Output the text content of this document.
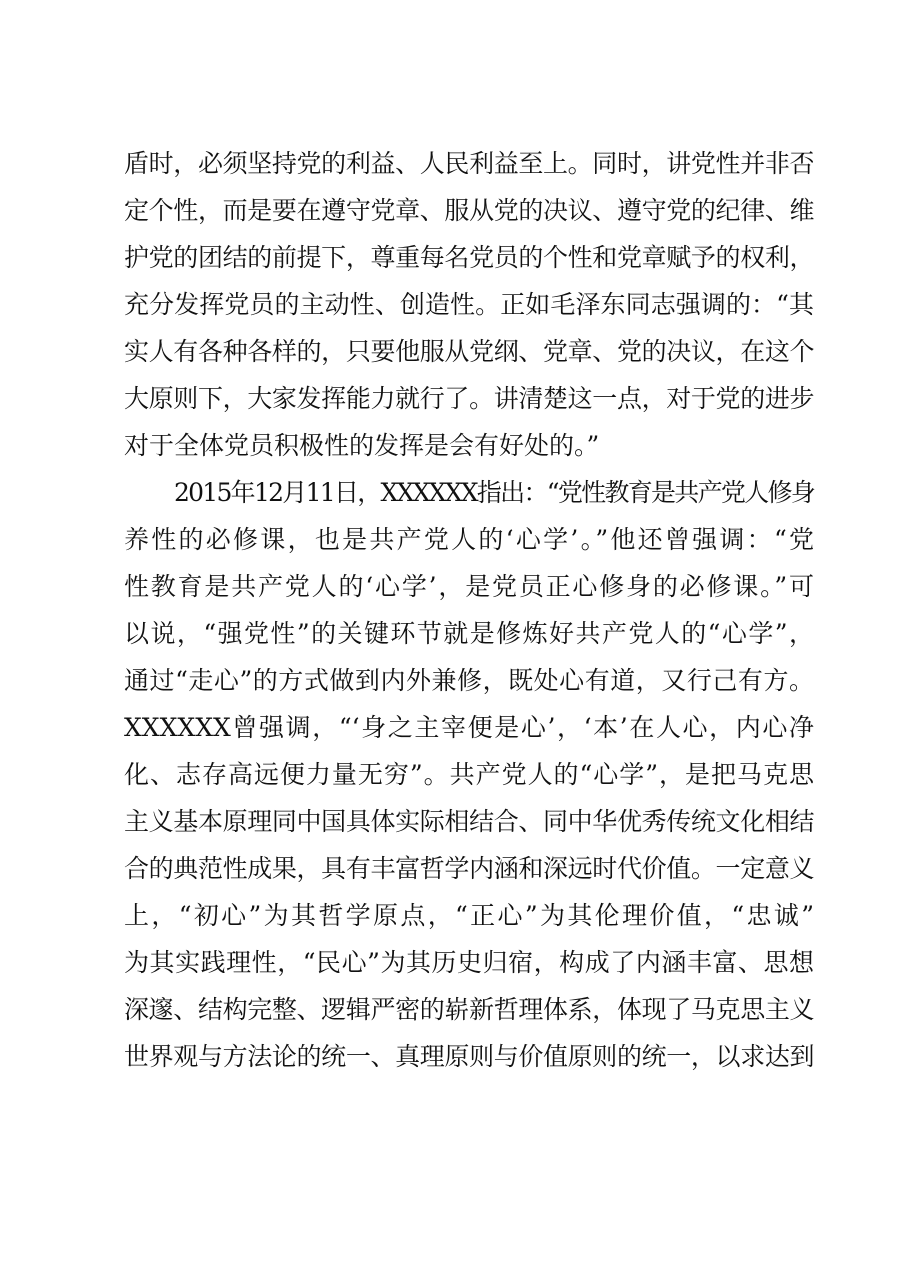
盾时，必须坚持党的利益、人民利益至上。同时，讲党性并非否
定个性，而是要在遵守党章、服从党的决议、遵守党的纪律、维
护党的团结的前提下，尊重每名党员的个性和党章赋予的权利，
充分发挥党员的主动性、创造性。正如毛泽东同志强调的：“其
实人有各种各样的，只要他服从党纲、党章、党的决议，在这个
大原则下，大家发挥能力就行了。讲清楚这一点，对于党的进步
对于全体党员积极性的发挥是会有好处的。”
2015年12月11日，XXXXXX指出：“党性教育是共产党人修身
养性的必修课，也是共产党人的‘心学’。”他还曾强调：“党
性教育是共产党人的‘心学’，是党员正心修身的必修课。”可
以说，“强党性”的关键环节就是修炼好共产党人的“心学”，
通过“走心”的方式做到内外兼修，既处心有道，又行己有方。
XXXXXX曾强调，“‘身之主宰便是心’，‘本’在人心，内心净
化、志存高远便力量无穷”。共产党人的“心学”，是把马克思
主义基本原理同中国具体实际相结合、同中华优秀传统文化相结
合的典范性成果，具有丰富哲学内涵和深远时代价值。一定意义
上，“初心”为其哲学原点，“正心”为其伦理价值，“忠诚”
为其实践理性，“民心”为其历史归宿，构成了内涵丰富、思想
深邃、结构完整、逻辑严密的崭新哲理体系，体现了马克思主义
世界观与方法论的统一、真理原则与价值原则的统一，以求达到
